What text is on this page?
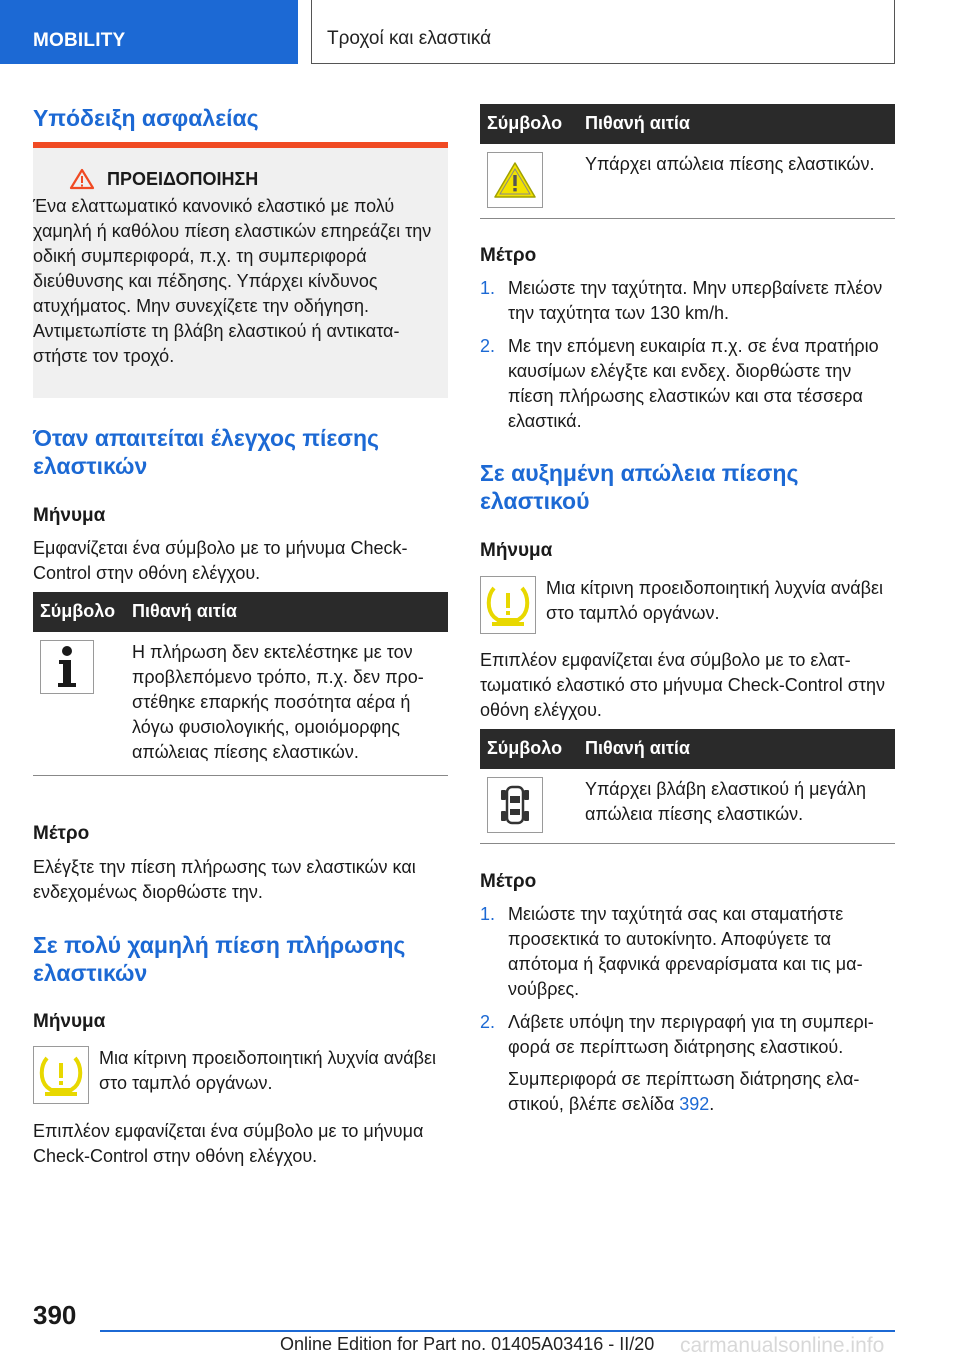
MOBILITY	Τροχοί και ελαστικά
Υπόδειξη ασφαλείας
ΠΡΟΕΙΔΟΠΟΙΗΣΗ

Ένα ελαττωματικό κανονικό ελαστικό με πολύ χαμηλή ή καθόλου πίεση ελαστικών επηρεάζει την οδική συμπεριφορά, π.χ. τη συμπεριφορά διεύθυνσης και πέδησης. Υπάρχει κίνδυνος ατυχήματος. Μην συνεχίζετε την οδήγηση. Αντιμετωπίστε τη βλάβη ελαστικού ή αντικαταστήστε τον τροχό.

Όταν απαιτείται έλεγχος πίεσης ελαστικών
Μήνυμα

Εμφανίζεται ένα σύμβολο με το μήνυμα Check-Control στην οθόνη ελέγχου.

Σύμβολο	Πιθανή αιτία

	Η πλήρωση δεν εκτελέστηκε με τον προβλεπόμενο τρόπο, π.χ. δεν προστέθηκε επαρκής ποσότητα αέρα ή λόγω φυσιολογικής, ομοιόμορφης απώλειας πίεσης ελαστικών.
Μέτρο

Ελέγξτε την πίεση πλήρωσης των ελαστικών και ενδεχομένως διορθώστε την.

Σε πολύ χαμηλή πίεση πλήρωσης ελαστικών
Μήνυμα

Μια κίτρινη προειδοποιητική λυχνία ανάβει στο ταμπλό οργάνων.

Επιπλέον εμφανίζεται ένα σύμβολο με το μήνυμα Check-Control στην οθόνη ελέγχου.

Σύμβολο	Πιθανή αιτία

	Υπάρχει απώλεια πίεσης ελαστικών.
Μέτρο
1. Μειώστε την ταχύτητα. Μην υπερβαίνετε πλέον την ταχύτητα των 130 km/h.
2. Με την επόμενη ευκαιρία π.χ. σε ένα πρατήριο καυσίμων ελέγξτε και ενδεχ. διορθώστε την πίεση πλήρωσης ελαστικών και στα τέσσερα ελαστικά.
Σε αυξημένη απώλεια πίεσης ελαστικού
Μήνυμα

Μια κίτρινη προειδοποιητική λυχνία ανάβει στο ταμπλό οργάνων.

Επιπλέον εμφανίζεται ένα σύμβολο με το ελαττωματικό ελαστικό στο μήνυμα Check-Control στην οθόνη ελέγχου.

Σύμβολο	Πιθανή αιτία

	Υπάρχει βλάβη ελαστικού ή μεγάλη απώλεια πίεσης ελαστικών.
Μέτρο
1. Μειώστε την ταχύτητά σας και σταματήστε προσεκτικά το αυτοκίνητο. Αποφύγετε τα απότομα ή ξαφνικά φρεναρίσματα και τις μανούβρες.
2. Λάβετε υπόψη την περιγραφή για τη συμπεριφορά σε περίπτωση διάτρησης ελαστικού.

Συμπεριφορά σε περίπτωση διάτρησης ελαστικού, βλέπε σελίδα 392.

390
Online Edition for Part no. 01405A03416 - II/20 carmanualsonline.info
